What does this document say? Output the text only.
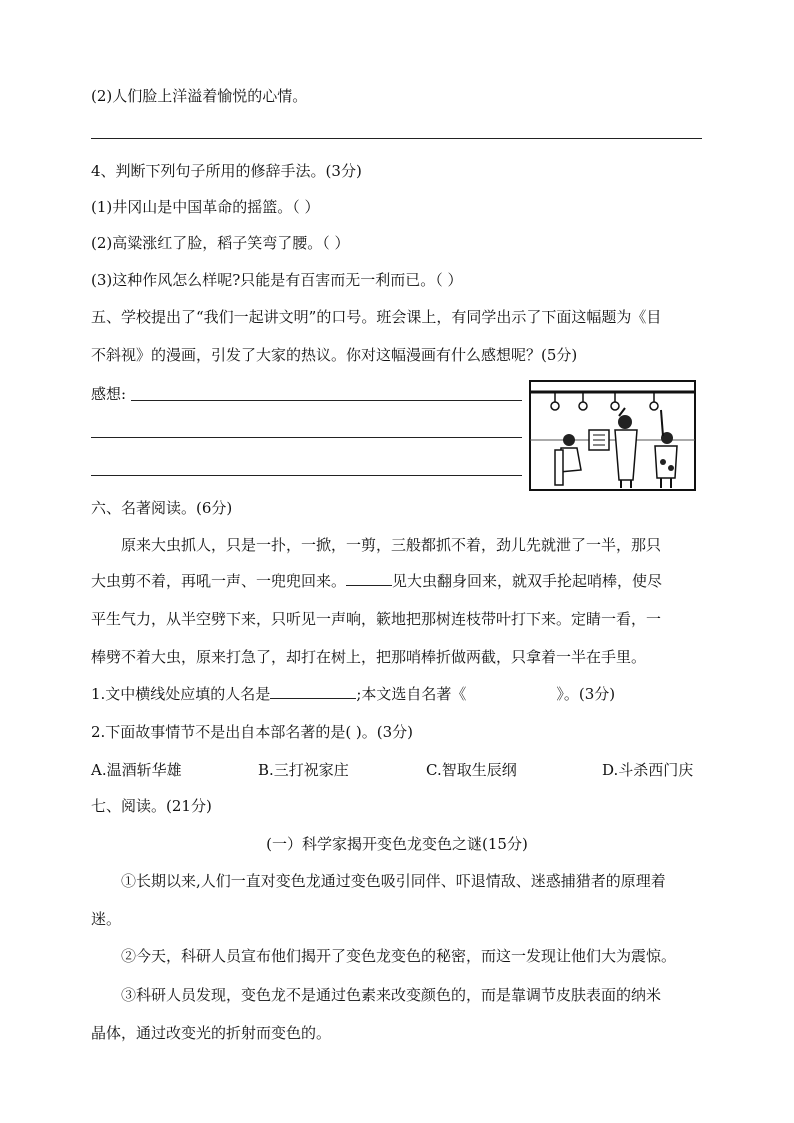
(2)人们脸上洋溢着愉悦的心情。
4、判断下列句子所用的修辞手法。(3分)
(1)井冈山是中国革命的摇篮。（ ）
(2)高粱涨红了脸，稻子笑弯了腰。（ ）
(3)这种作风怎么样呢?只能是有百害而无一利而已。（ ）
五、学校提出了“我们一起讲文明”的口号。班会课上，有同学出示了下面这幅题为《目
不斜视》的漫画，引发了大家的热议。你对这幅漫画有什么感想呢？(5分)
感想:
六、名著阅读。(6分)
原来大虫抓人，只是一扑，一掀，一剪，三般都抓不着，劲儿先就泄了一半，那只
大虫剪不着，再吼一声、一兜兜回来。	见大虫翻身回来，就双手抡起哨棒，使尽
平生气力，从半空劈下来，只听见一声响，簌地把那树连枝带叶打下来。定睛一看，一
棒劈不着大虫，原来打急了，却打在树上，把那哨棒折做两截，只拿着一半在手里。
1.文中横线处应填的人名是	;本文选自名著《	》。(3分)
2.下面故事情节不是出自本部名著的是( )。(3分)
A.温酒斩华雄	B.三打祝家庄	C.智取生辰纲	D.斗杀西门庆
七、阅读。(21分)
(一）科学家揭开变色龙变色之谜(15分)
①长期以来,人们一直对变色龙通过变色吸引同伴、吓退情敌、迷惑捕猎者的原理着
迷。
②今天，科研人员宣布他们揭开了变色龙变色的秘密，而这一发现让他们大为震惊。
③科研人员发现，变色龙不是通过色素来改变颜色的，而是靠调节皮肤表面的纳米
晶体，通过改变光的折射而变色的。
